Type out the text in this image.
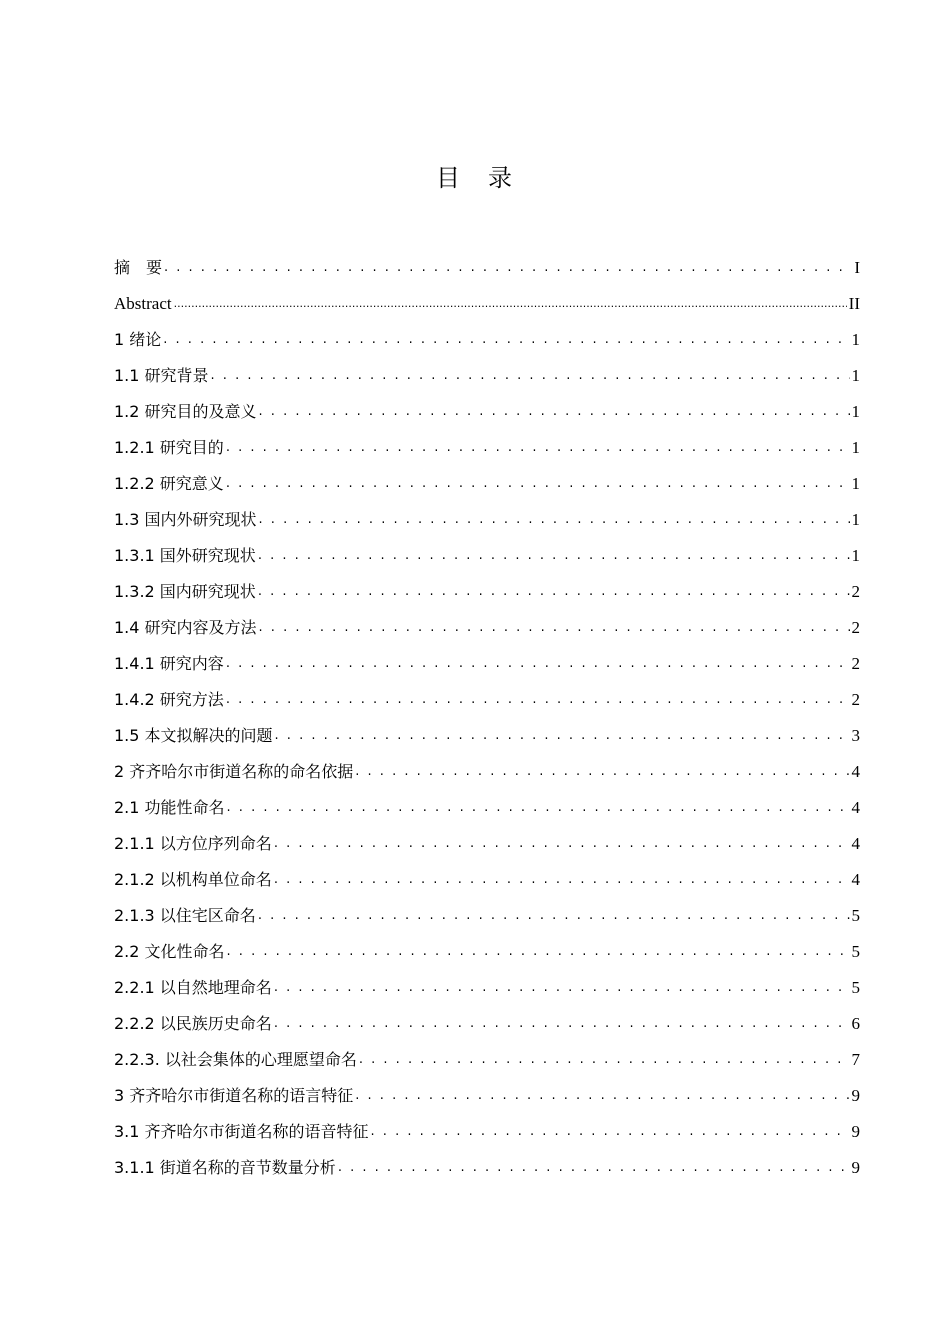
目　录
摘　要 . . .	I
Abstract .....	II
1 绪论 . . .	1
1.1 研究背景 . . .	1
1.2 研究目的及意义 . . .	1
1.2.1 研究目的 . . .	1
1.2.2 研究意义 . . .	1
1.3 国内外研究现状 . . .	1
1.3.1 国外研究现状 . . .	1
1.3.2 国内研究现状 . . .	2
1.4 研究内容及方法 . . .	2
1.4.1 研究内容 . . .	2
1.4.2 研究方法 . . .	2
1.5 本文拟解决的问题 . . .	3
2 齐齐哈尔市街道名称的命名依据 . . .	4
2.1 功能性命名 . . .	4
2.1.1 以方位序列命名 . . .	4
2.1.2 以机构单位命名 . . .	4
2.1.3 以住宅区命名 . . .	5
2.2 文化性命名 . . .	5
2.2.1 以自然地理命名 . . .	5
2.2.2 以民族历史命名 . . .	6
2.2.3. 以社会集体的心理愿望命名 . . .	7
3 齐齐哈尔市街道名称的语言特征 . . .	9
3.1 齐齐哈尔市街道名称的语音特征 . . .	9
3.1.1 街道名称的音节数量分析 . . .	9
